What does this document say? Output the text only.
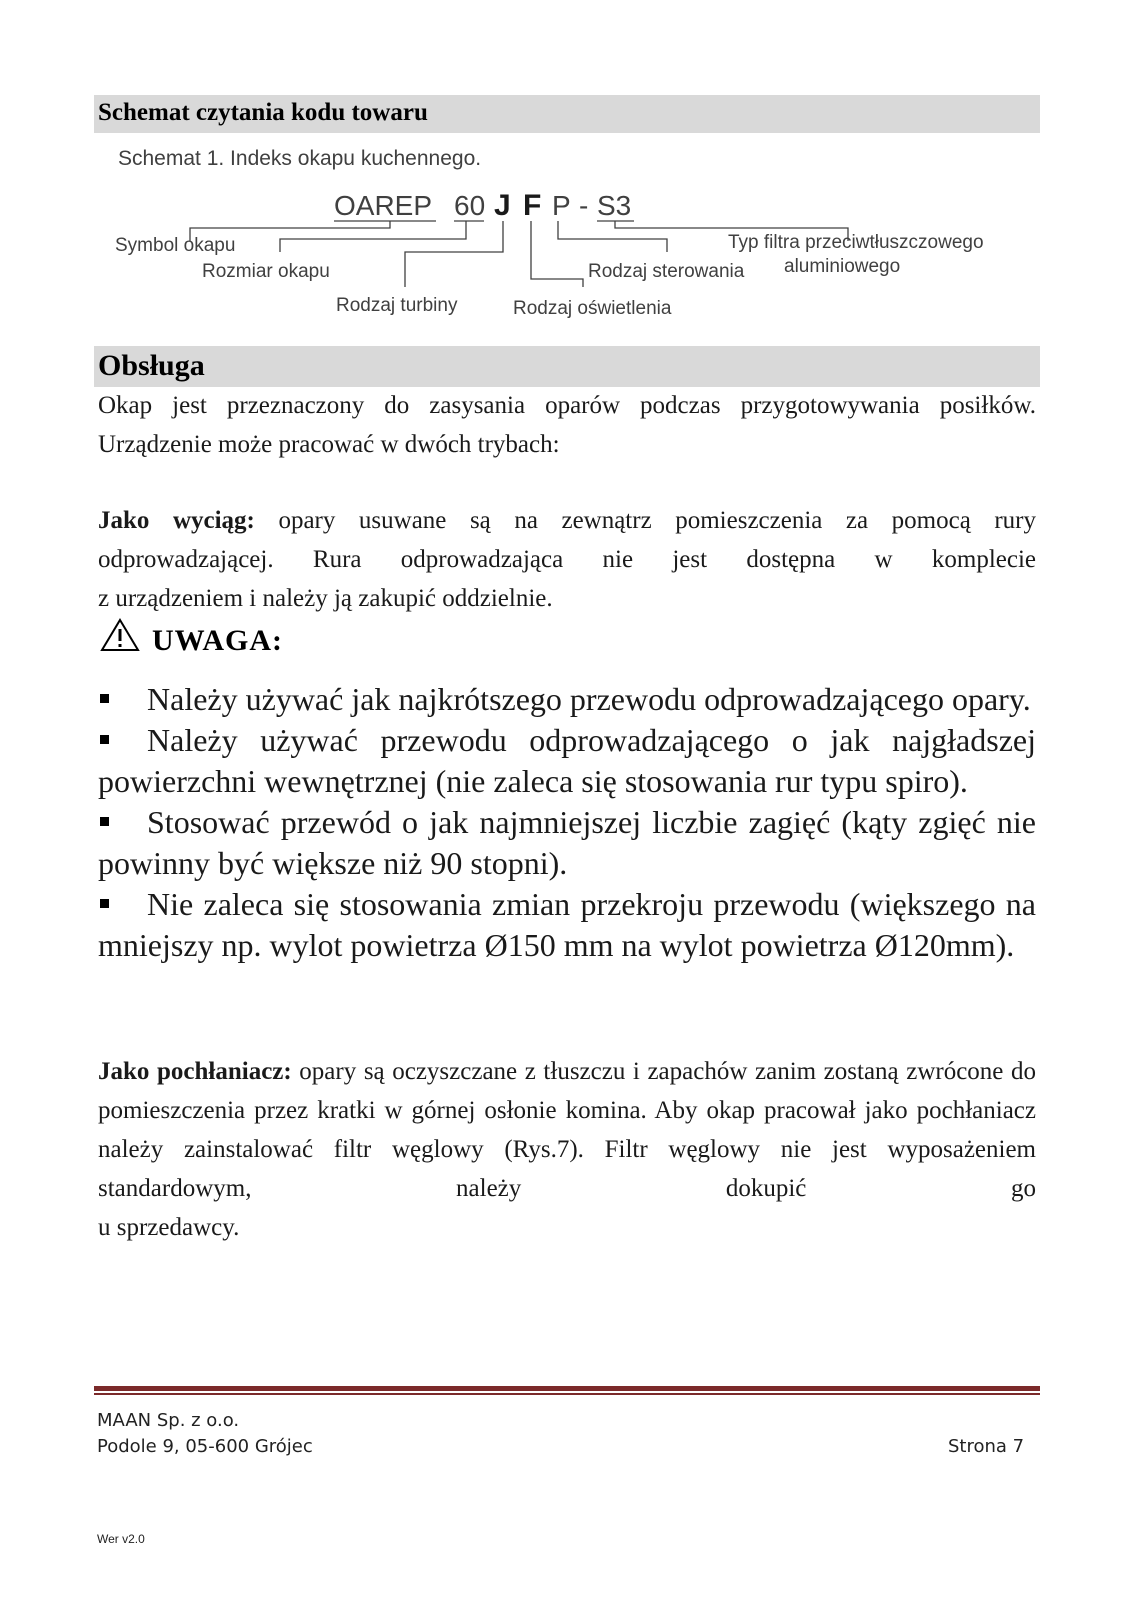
Schemat czytania kodu towaru
Schemat 1. Indeks okapu kuchennego.
OAREP 60 J F P - S3
Symbol okapu
Rozmiar okapu
Rodzaj turbiny	Rodzaj oświetlenia
Rodzaj sterowania
Typ filtra przeciwtłuszczowego
aluminiowego
Obsługa
Okap jest przeznaczony do zasysania oparów podczas przygotowywania posiłków. Urządzenie może pracować w dwóch trybach:
Jako wyciąg: opary usuwane są na zewnątrz pomieszczenia za pomocą rury odprowadzającej. Rura odprowadzająca nie jest dostępna w komplecie
z urządzeniem i należy ją zakupić oddzielnie.
UWAGA:

Należy używać jak najkrótszego przewodu odprowadzającego opary.

Należy używać przewodu odprowadzającego o jak najgładszej powierzchni wewnętrznej (nie zaleca się stosowania rur typu spiro).

Stosować przewód o jak najmniejszej liczbie zagięć (kąty zgięć nie powinny być większe niż 90 stopni).

Nie zaleca się stosowania zmian przekroju przewodu (większego na mniejszy np. wylot powietrza Ø150 mm na wylot powietrza Ø120mm).

Jako pochłaniacz: opary są oczyszczane z tłuszczu i zapachów zanim zostaną zwrócone do pomieszczenia przez kratki w górnej osłonie komina. Aby okap pracował jako pochłaniacz należy zainstalować filtr węglowy (Rys.7). Filtr węglowy nie jest wyposażeniem standardowym, należy dokupić go
u sprzedawcy.
MAAN Sp. z o.o.
Podole 9, 05-600 Grójec	Strona 7
Wer v2.0
